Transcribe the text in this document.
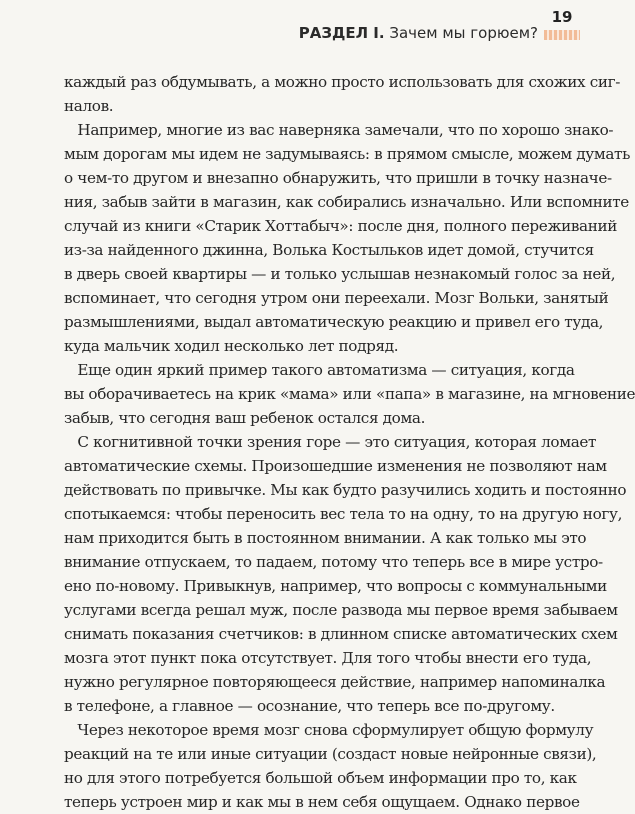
РАЗДЕЛ I. Зачем мы горюем?
19
каждый раз обдумывать, а можно просто использовать для схожих сиг-
налов.
Например, многие из вас наверняка замечали, что по хорошо знако-
мым дорогам мы идем не задумываясь: в прямом смысле, можем думать
о чем-то другом и внезапно обнаружить, что пришли в точку назначе-
ния, забыв зайти в магазин, как собирались изначально. Или вспомните
случай из книги «Старик Хоттабыч»: после дня, полного переживаний
из-за найденного джинна, Волька Костыльков идет домой, стучится
в дверь своей квартиры — и только услышав незнакомый голос за ней,
вспоминает, что сегодня утром они переехали. Мозг Вольки, занятый
размышлениями, выдал автоматическую реакцию и привел его туда,
куда мальчик ходил несколько лет подряд.
Еще один яркий пример такого автоматизма — ситуация, когда
вы оборачиваетесь на крик «мама» или «папа» в магазине, на мгновение
забыв, что сегодня ваш ребенок остался дома.
С когнитивной точки зрения горе — это ситуация, которая ломает
автоматические схемы. Произошедшие изменения не позволяют нам
действовать по привычке. Мы как будто разучились ходить и постоянно
спотыкаемся: чтобы переносить вес тела то на одну, то на другую ногу,
нам приходится быть в постоянном внимании. А как только мы это
внимание отпускаем, то падаем, потому что теперь все в мире устро-
ено по-новому. Привыкнув, например, что вопросы с коммунальными
услугами всегда решал муж, после развода мы первое время забываем
снимать показания счетчиков: в длинном списке автоматических схем
мозга этот пункт пока отсутствует. Для того чтобы внести его туда,
нужно регулярное повторяющееся действие, например напоминалка
в телефоне, а главное — осознание, что теперь все по-другому.
Через некоторое время мозг снова сформулирует общую формулу
реакций на те или иные ситуации (создаст новые нейронные связи),
но для этого потребуется большой объем информации про то, как
теперь устроен мир и как мы в нем себя ощущаем. Однако первое
